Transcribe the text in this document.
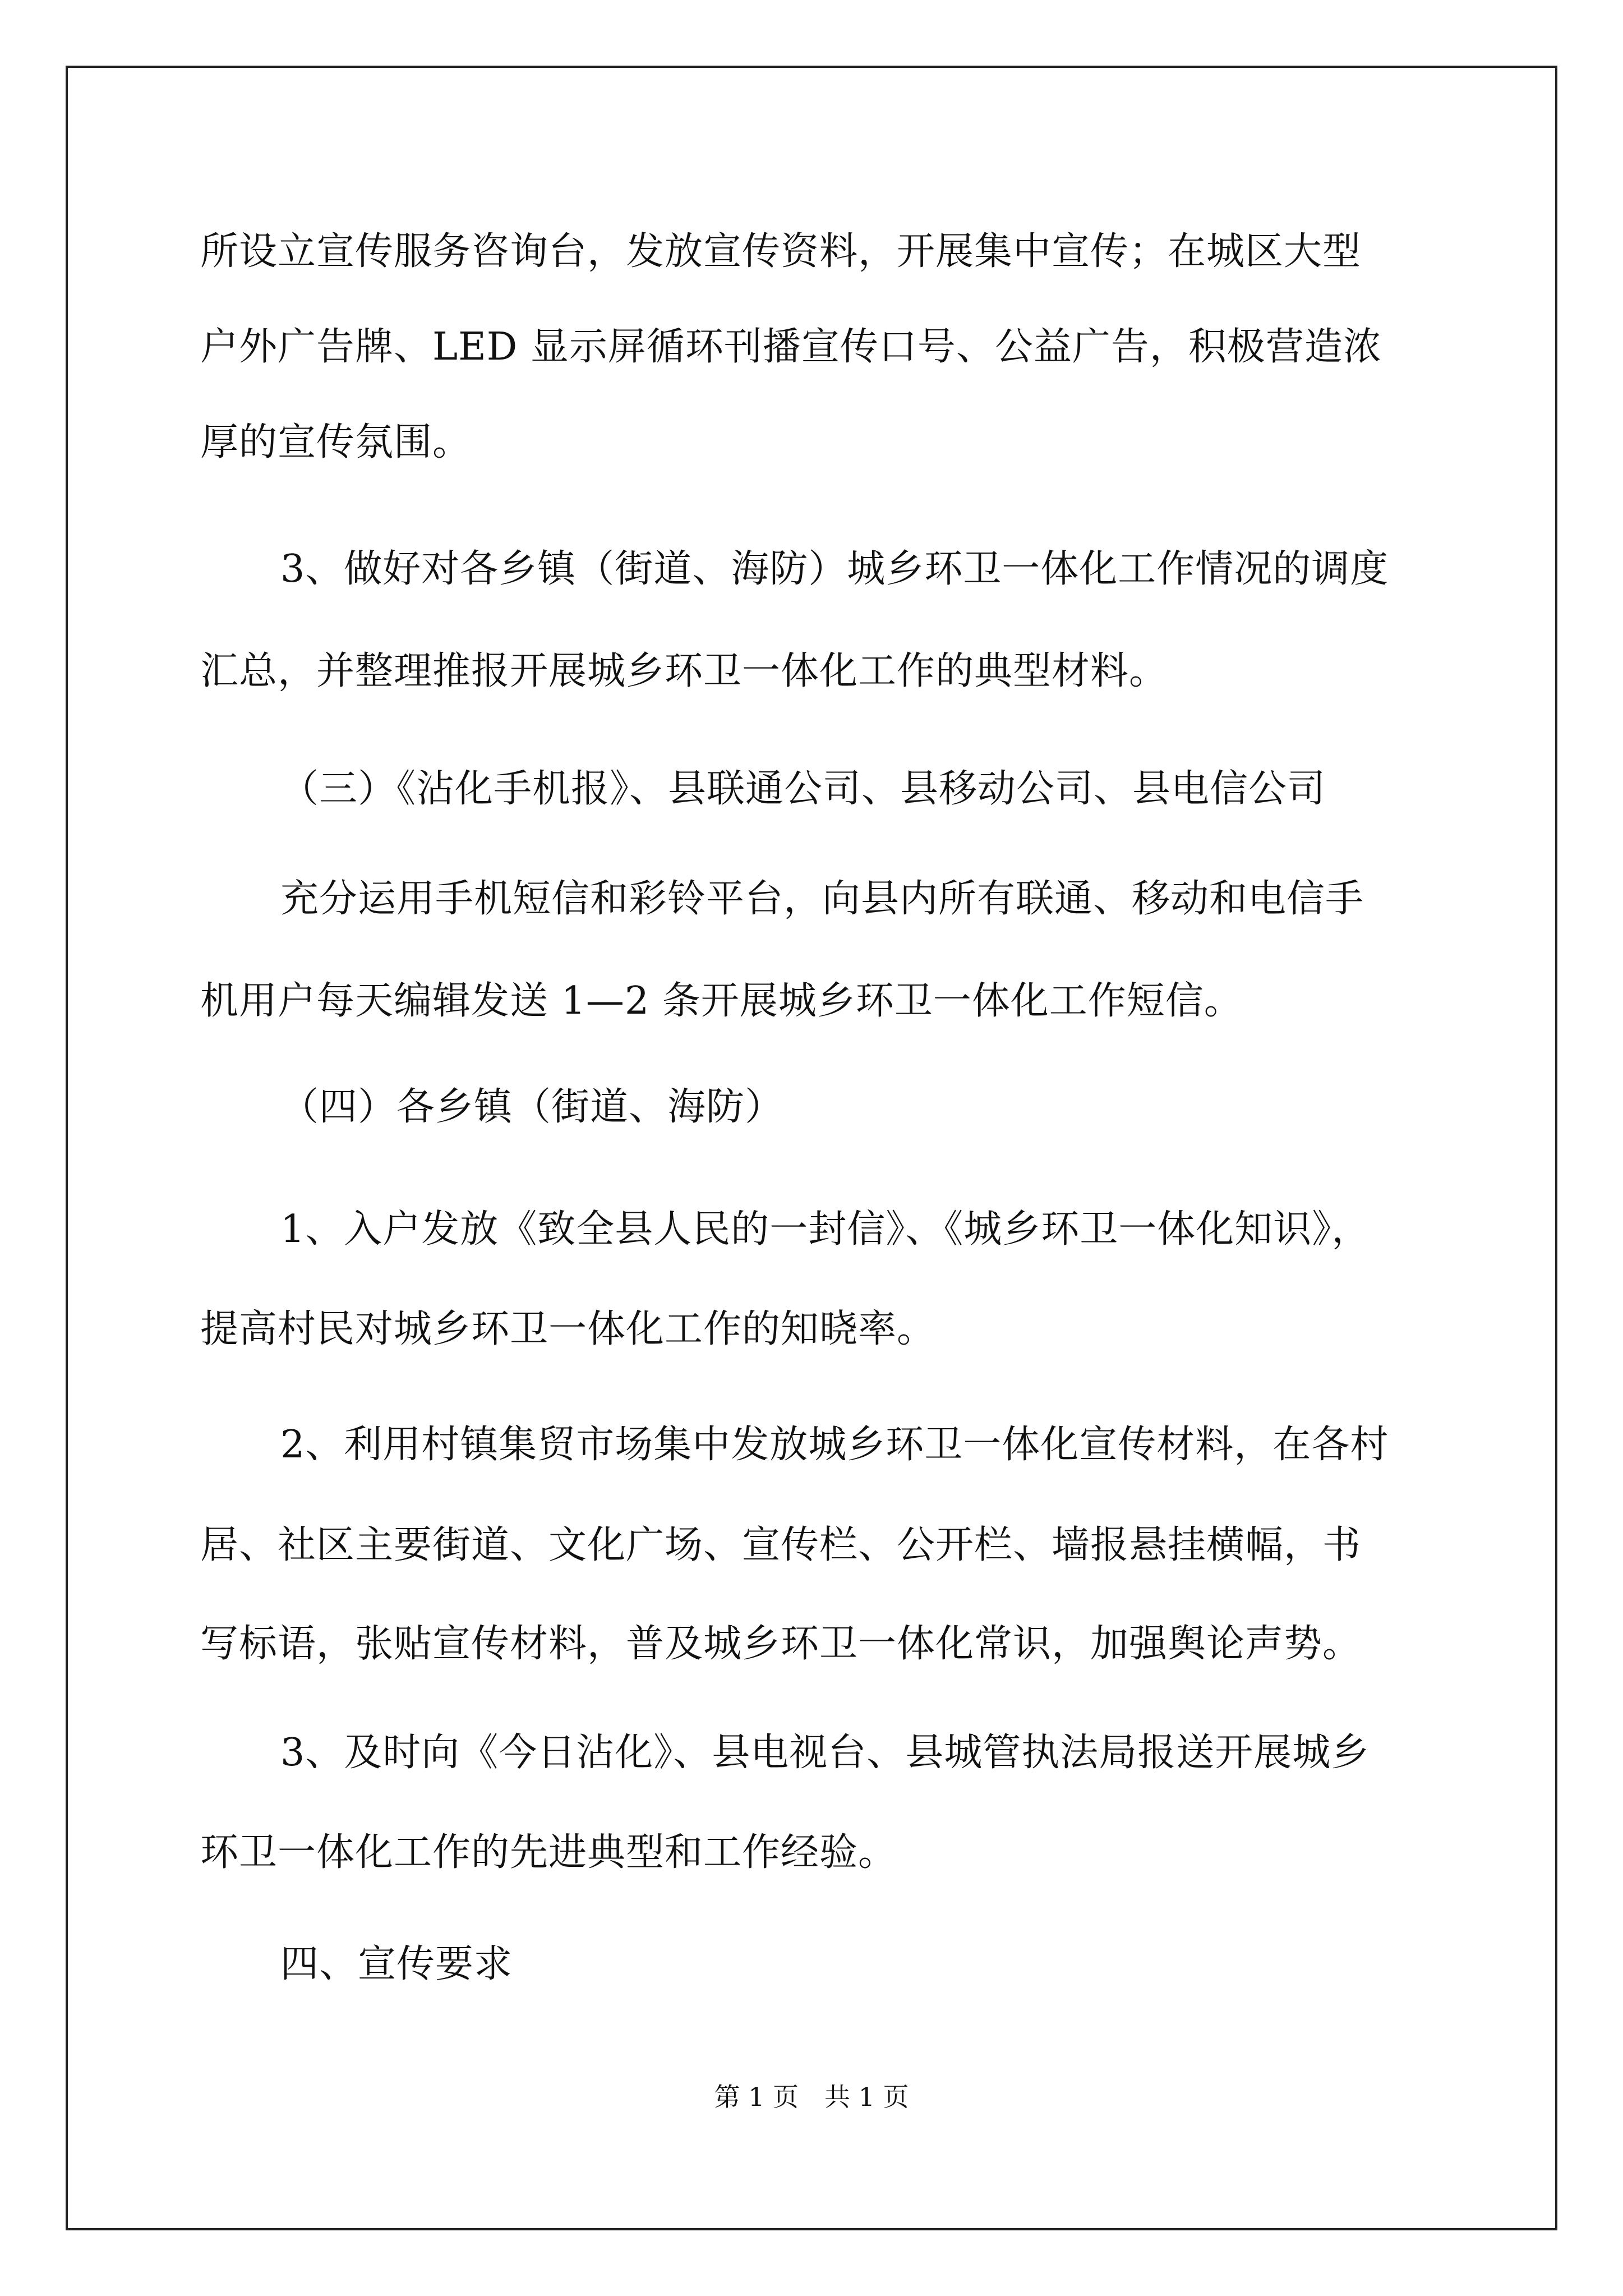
所设立宣传服务咨询台，发放宣传资料，开展集中宣传；在城区大型
户外广告牌、LED 显示屏循环刊播宣传口号、公益广告，积极营造浓
厚的宣传氛围。
3、做好对各乡镇（街道、海防）城乡环卫一体化工作情况的调度
汇总，并整理推报开展城乡环卫一体化工作的典型材料。
（三）《沾化手机报》、县联通公司、县移动公司、县电信公司
充分运用手机短信和彩铃平台，向县内所有联通、移动和电信手
机用户每天编辑发送 1—2 条开展城乡环卫一体化工作短信。
（四）各乡镇（街道、海防）
1、入户发放《致全县人民的一封信》、《城乡环卫一体化知识》，
提高村民对城乡环卫一体化工作的知晓率。
2、利用村镇集贸市场集中发放城乡环卫一体化宣传材料，在各村
居、社区主要街道、文化广场、宣传栏、公开栏、墙报悬挂横幅，书
写标语，张贴宣传材料，普及城乡环卫一体化常识，加强舆论声势。
3、及时向《今日沾化》、县电视台、县城管执法局报送开展城乡
环卫一体化工作的先进典型和工作经验。
四、宣传要求
第 1 页　共 1 页
